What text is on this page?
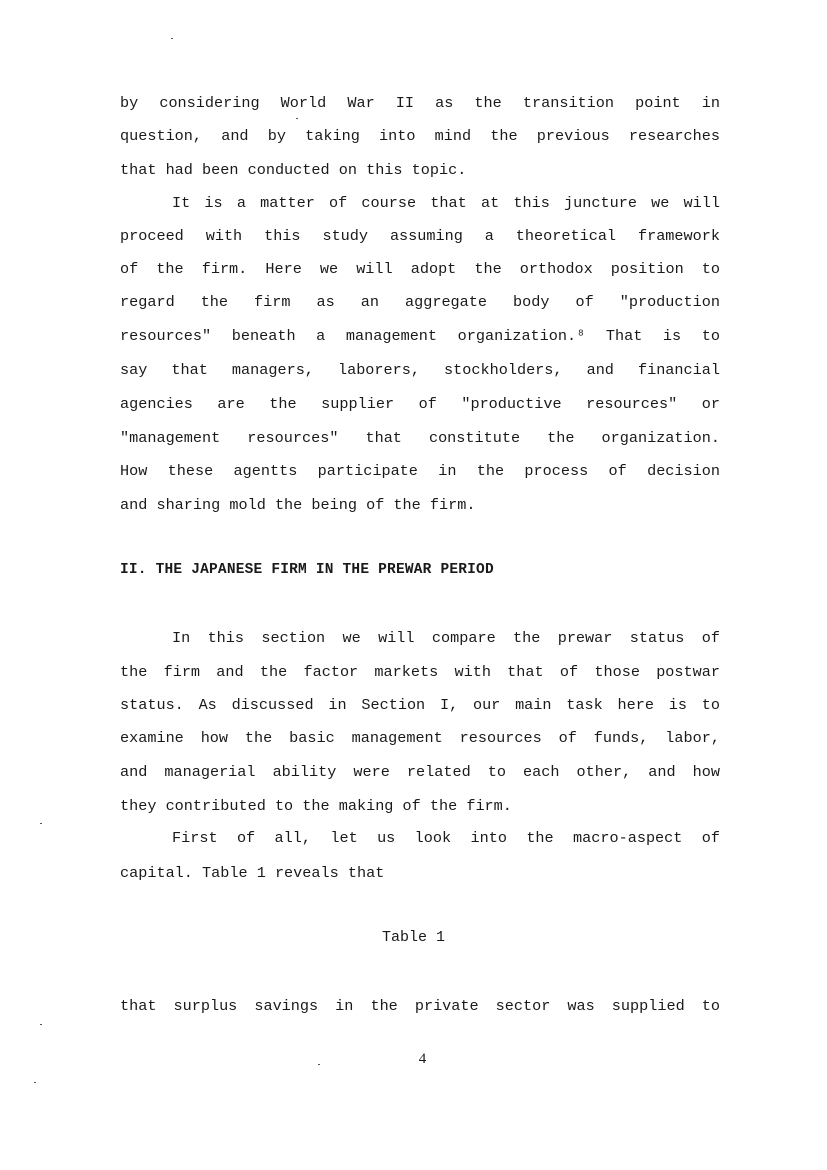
by considering World War II as the transition point in
question, and by taking into mind the previous researches
that had been conducted on this topic.
It is a matter of course that at this juncture we will
proceed with this study assuming a theoretical framework
of the firm. Here we will adopt the orthodox position to
regard the firm as an aggregate body of "production
resources" beneath a management organization.⁸ That is to
say that managers, laborers, stockholders, and financial
agencies are the supplier of "productive resources" or
"management resources" that constitute the organization.
How these agentts participate in the process of decision
and sharing mold the being of the firm.
II. THE JAPANESE FIRM IN THE PREWAR PERIOD
In this section we will compare the prewar status of
the firm and the factor markets with that of those postwar
status. As discussed in Section I, our main task here is to
examine how the basic management resources of funds, labor,
and managerial ability were related to each other, and how
they contributed to the making of the firm.
First of all, let us look into the macro-aspect of
capital. Table 1 reveals that
Table 1
that surplus savings in the private sector was supplied to
4
